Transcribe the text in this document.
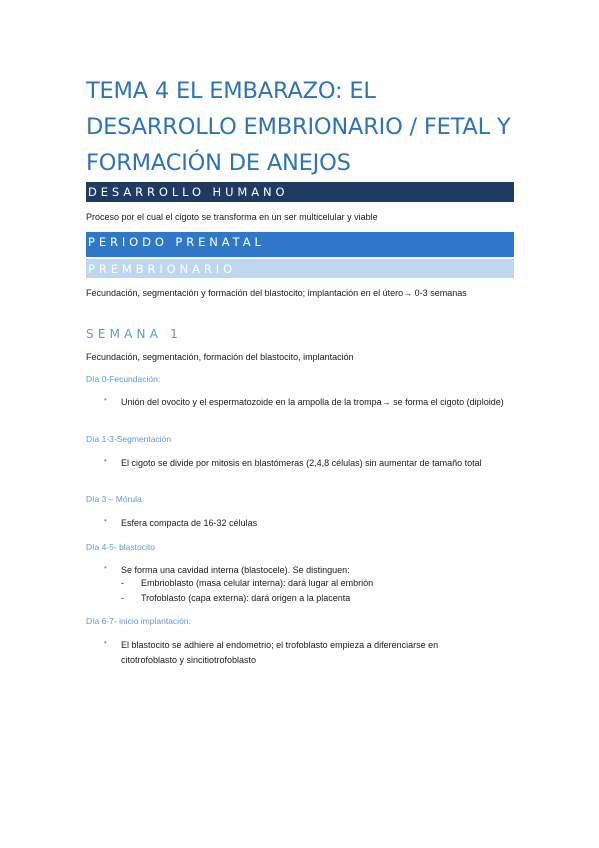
TEMA 4 EL EMBARAZO: EL DESARROLLO EMBRIONARIO / FETAL Y FORMACIÓN DE ANEJOS
DESARROLLO HUMANO
Proceso por el cual el cigoto se transforma en un ser multicelular y viable
PERIODO PRENATAL
PREMBRIONARIO
Fecundación, segmentación y formación del blastocito; implantación en el útero→ 0-3 semanas
SEMANA 1
Fecundación, segmentación, formación del blastocito, implantación
Día 0-Fecundación:
•	Unión del ovocito y el espermatozoide en la ampolla de la trompa→ se forma el cigoto (diploide)
Día 1-3-Segmentación
•	El cigoto se divide por mitosis en blastómeras (2,4,8 células) sin aumentar de tamaño total
Día 3 – Mórula
•	Esfera compacta de 16-32 células
Día 4-5- blastocito
•	Se forma una cavidad interna (blastocele). Se distinguen:
- Embrioblasto (masa celular interna): dará lugar al embrión
- Trofoblasto (capa externa): dará origen a la placenta
Día 6-7- inicio implantación:
•	El blastocito se adhiere al endometrio; el trofoblasto empieza a diferenciarse en citotrofoblasto y sincitiotrofoblasto
